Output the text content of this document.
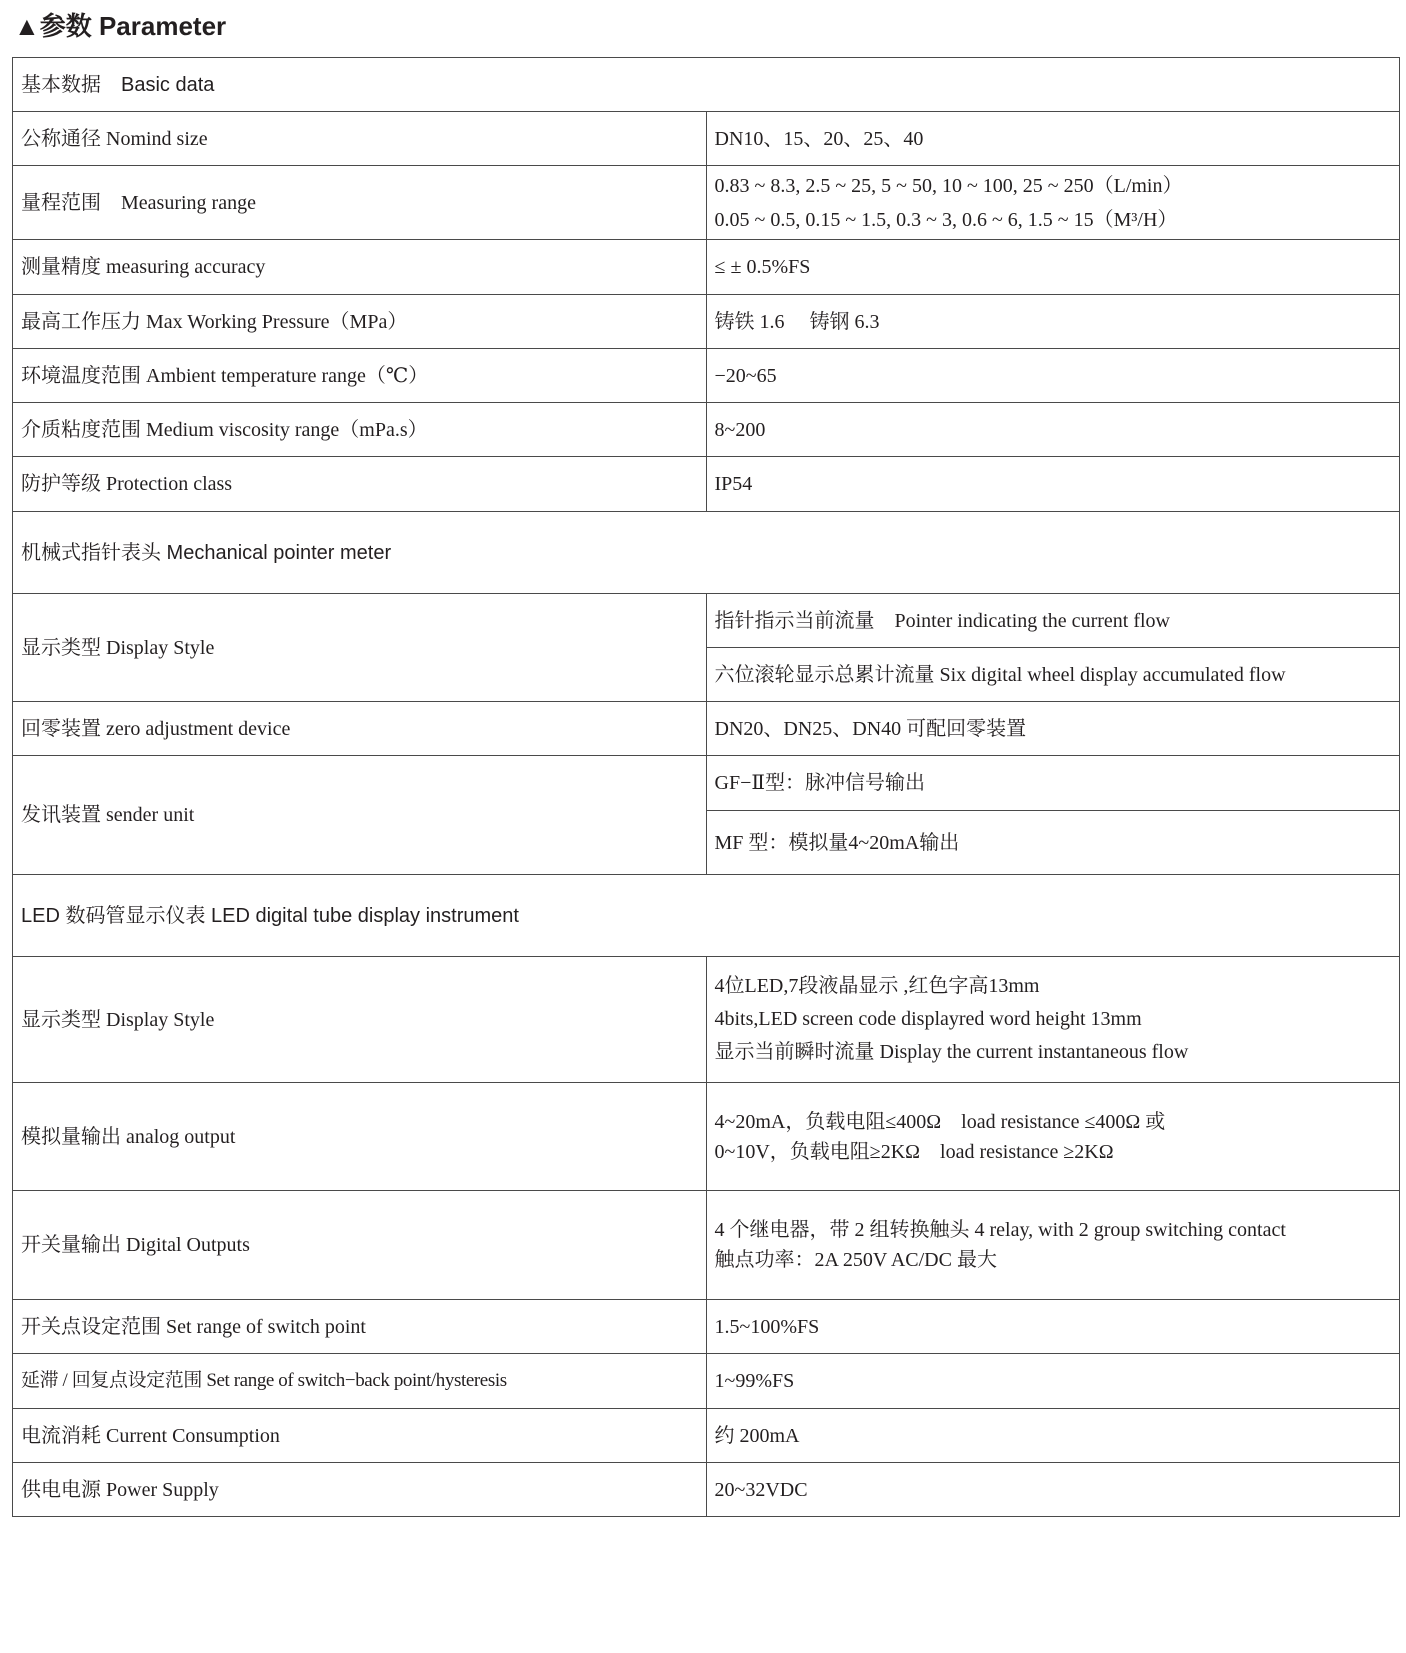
▲参数 Parameter
基本数据　Basic data	
公称通径 Nomind size	DN10、15、20、25、40
量程范围　Measuring range	0.83 ~ 8.3, 2.5 ~ 25, 5 ~ 50, 10 ~ 100, 25 ~ 250（L/min）
0.05 ~ 0.5, 0.15 ~ 1.5, 0.3 ~ 3, 0.6 ~ 6, 1.5 ~ 15（M³/H）

测量精度 measuring accuracy	≤ ± 0.5%FS
最高工作压力 Max Working Pressure（MPa）	铸铁 1.6　 铸钢 6.3
环境温度范围 Ambient temperature range（℃）	−20~65
介质粘度范围 Medium viscosity range（mPa.s）	8~200
防护等级 Protection class	IP54
机械式指针表头 Mechanical pointer meter	
显示类型 Display Style	指针指示当前流量　Pointer indicating the current flow
	六位滚轮显示总累计流量 Six digital wheel display accumulated flow
回零装置 zero adjustment device	DN20、DN25、DN40 可配回零装置
发讯装置 sender unit	GF−Ⅱ型：脉冲信号输出
	MF 型：模拟量4~20mA输出
LED 数码管显示仪表 LED digital tube display instrument	
显示类型 Display Style	4位LED,7段液晶显示 ,红色字高13mm
4bits,LED screen code displayred word height 13mm
显示当前瞬时流量 Display the current instantaneous flow

模拟量输出 analog output	4~20mA，负载电阻≤400Ω　load resistance ≤400Ω 或
0~10V，负载电阻≥2KΩ　load resistance ≥2KΩ

开关量输出 Digital Outputs	4 个继电器，带 2 组转换触头 4 relay, with 2 group switching contact
触点功率：2A 250V AC/DC 最大

开关点设定范围 Set range of switch point	1.5~100%FS
延滞 / 回复点设定范围 Set range of switch−back point/hysteresis	1~99%FS
电流消耗 Current Consumption	约 200mA
供电电源 Power Supply	20~32VDC
